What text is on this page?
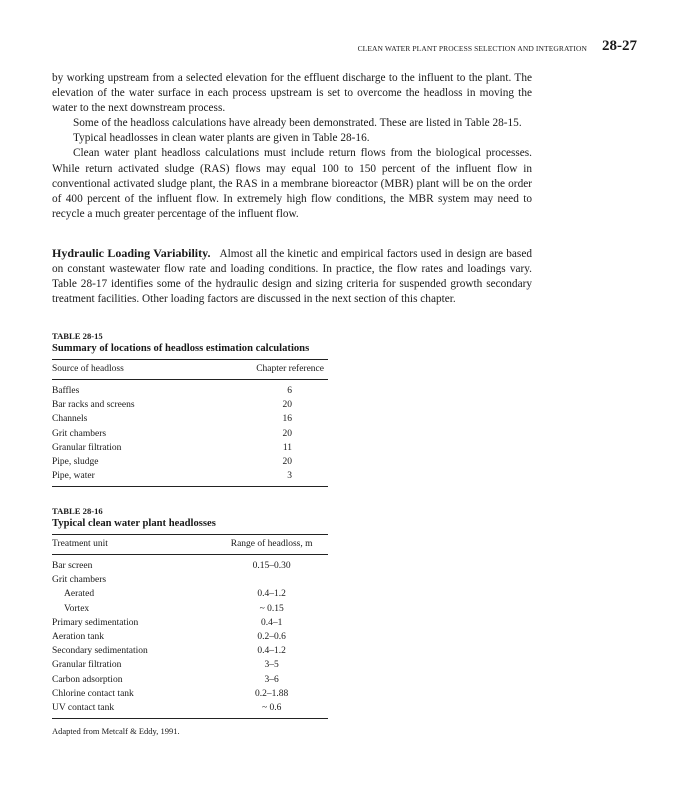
CLEAN WATER PLANT PROCESS SELECTION AND INTEGRATION 28-27

by working upstream from a selected elevation for the effluent discharge to the influent to the plant. The elevation of the water surface in each process upstream is set to overcome the headloss in moving the water to the next downstream process.

Some of the headloss calculations have already been demonstrated. These are listed in Table 28-15.

Typical headlosses in clean water plants are given in Table 28-16.

Clean water plant headloss calculations must include return flows from the biological processes. While return activated sludge (RAS) flows may equal 100 to 150 percent of the influent flow in conventional activated sludge plant, the RAS in a membrane bioreactor (MBR) plant will be on the order of 400 percent of the influent flow. In extremely high flow conditions, the MBR system may need to recycle a much greater percentage of the influent flow.

Hydraulic Loading Variability. Almost all the kinetic and empirical factors used in design are based on constant wastewater flow rate and loading conditions. In practice, the flow rates and loadings vary. Table 28-17 identifies some of the hydraulic design and sizing criteria for suspended growth secondary treatment facilities. Other loading factors are discussed in the next section of this chapter.

TABLE 28-15
Summary of locations of headloss estimation calculations
Source of headloss	Chapter reference
Baffles	6
Bar racks and screens	20
Channels	16
Grit chambers	20
Granular filtration	11
Pipe, sludge	20
Pipe, water	3
TABLE 28-16
Typical clean water plant headlosses
Treatment unit	Range of headloss, m
Bar screen	0.15–0.30
Grit chambers	
Aerated	0.4–1.2
Vortex	~ 0.15
Primary sedimentation	0.4–1
Aeration tank	0.2–0.6
Secondary sedimentation	0.4–1.2
Granular filtration	3–5
Carbon adsorption	3–6
Chlorine contact tank	0.2–1.88
UV contact tank	~ 0.6
Adapted from Metcalf & Eddy, 1991.
